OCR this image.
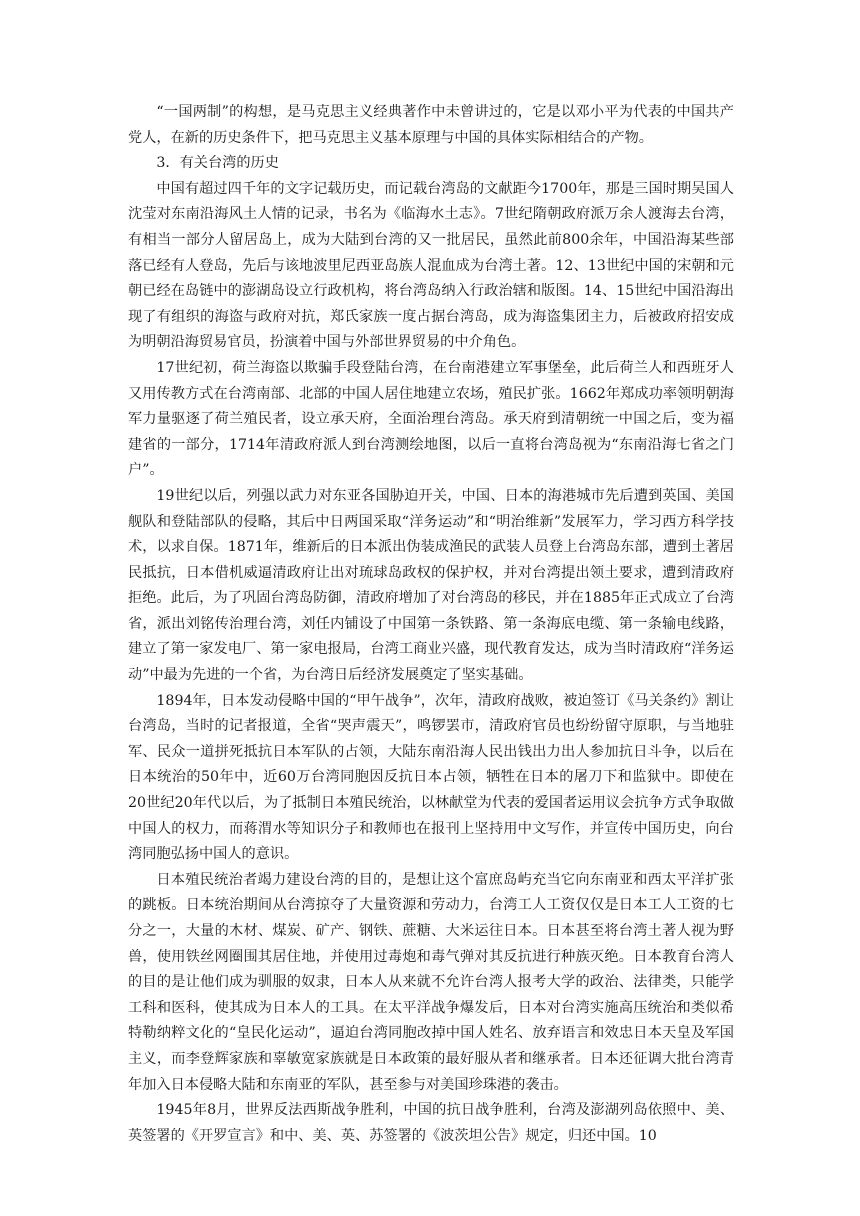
“一国两制”的构想，是马克思主义经典著作中未曾讲过的，它是以邓小平为代表的中国共产党人，在新的历史条件下，把马克思主义基本原理与中国的具体实际相结合的产物。

3．有关台湾的历史

中国有超过四千年的文字记载历史，而记载台湾岛的文献距今1700年，那是三国时期吴国人沈莹对东南沿海风土人情的记录，书名为《临海水土志》。7世纪隋朝政府派万余人渡海去台湾，有相当一部分人留居岛上，成为大陆到台湾的又一批居民，虽然此前800余年，中国沿海某些部落已经有人登岛，先后与该地波里尼西亚岛族人混血成为台湾土著。12、13世纪中国的宋朝和元朝已经在岛链中的澎湖岛设立行政机构，将台湾岛纳入行政治辖和版图。14、15世纪中国沿海出现了有组织的海盗与政府对抗，郑氏家族一度占据台湾岛，成为海盗集团主力，后被政府招安成为明朝沿海贸易官员，扮演着中国与外部世界贸易的中介角色。

17世纪初，荷兰海盗以欺骗手段登陆台湾，在台南港建立军事堡垒，此后荷兰人和西班牙人又用传教方式在台湾南部、北部的中国人居住地建立农场，殖民扩张。1662年郑成功率领明朝海军力量驱逐了荷兰殖民者，设立承天府，全面治理台湾岛。承天府到清朝统一中国之后，变为福建省的一部分，1714年清政府派人到台湾测绘地图，以后一直将台湾岛视为“东南沿海七省之门户”。

19世纪以后，列强以武力对东亚各国胁迫开关，中国、日本的海港城市先后遭到英国、美国舰队和登陆部队的侵略，其后中日两国采取“洋务运动”和“明治维新”发展军力，学习西方科学技术，以求自保。1871年，维新后的日本派出伪装成渔民的武装人员登上台湾岛东部，遭到土著居民抵抗，日本借机威逼清政府让出对琉球岛政权的保护权，并对台湾提出领土要求，遭到清政府拒绝。此后，为了巩固台湾岛防御，清政府增加了对台湾岛的移民，并在1885年正式成立了台湾省，派出刘铭传治理台湾，刘任内铺设了中国第一条铁路、第一条海底电缆、第一条输电线路，建立了第一家发电厂、第一家电报局，台湾工商业兴盛，现代教育发达，成为当时清政府“洋务运动”中最为先进的一个省，为台湾日后经济发展奠定了坚实基础。

1894年，日本发动侵略中国的“甲午战争”，次年，清政府战败，被迫签订《马关条约》割让台湾岛，当时的记者报道，全省“哭声震天”，鸣锣罢市，清政府官员也纷纷留守原职，与当地驻军、民众一道拼死抵抗日本军队的占领，大陆东南沿海人民出钱出力出人参加抗日斗争，以后在日本统治的50年中，近60万台湾同胞因反抗日本占领，牺牲在日本的屠刀下和监狱中。即使在20世纪20年代以后，为了抵制日本殖民统治，以林献堂为代表的爱国者运用议会抗争方式争取做中国人的权力，而蒋渭水等知识分子和教师也在报刊上坚持用中文写作，并宣传中国历史，向台湾同胞弘扬中国人的意识。

日本殖民统治者竭力建设台湾的目的，是想让这个富庶岛屿充当它向东南亚和西太平洋扩张的跳板。日本统治期间从台湾掠夺了大量资源和劳动力，台湾工人工资仅仅是日本工人工资的七分之一，大量的木材、煤炭、矿产、钢铁、蔗糖、大米运往日本。日本甚至将台湾土著人视为野兽，使用铁丝网圈围其居住地，并使用过毒炮和毒气弹对其反抗进行种族灭绝。日本教育台湾人的目的是让他们成为驯服的奴隶，日本人从来就不允许台湾人报考大学的政治、法律类，只能学工科和医科，使其成为日本人的工具。在太平洋战争爆发后，日本对台湾实施高压统治和类似希特勒纳粹文化的“皇民化运动”，逼迫台湾同胞改掉中国人姓名、放弃语言和效忠日本天皇及军国主义，而李登辉家族和辜敏宽家族就是日本政策的最好服从者和继承者。日本还征调大批台湾青年加入日本侵略大陆和东南亚的军队，甚至参与对美国珍珠港的袭击。

1945年8月，世界反法西斯战争胜利，中国的抗日战争胜利，台湾及澎湖列岛依照中、美、英签署的《开罗宣言》和中、美、英、苏签署的《波茨坦公告》规定，归还中国。10
